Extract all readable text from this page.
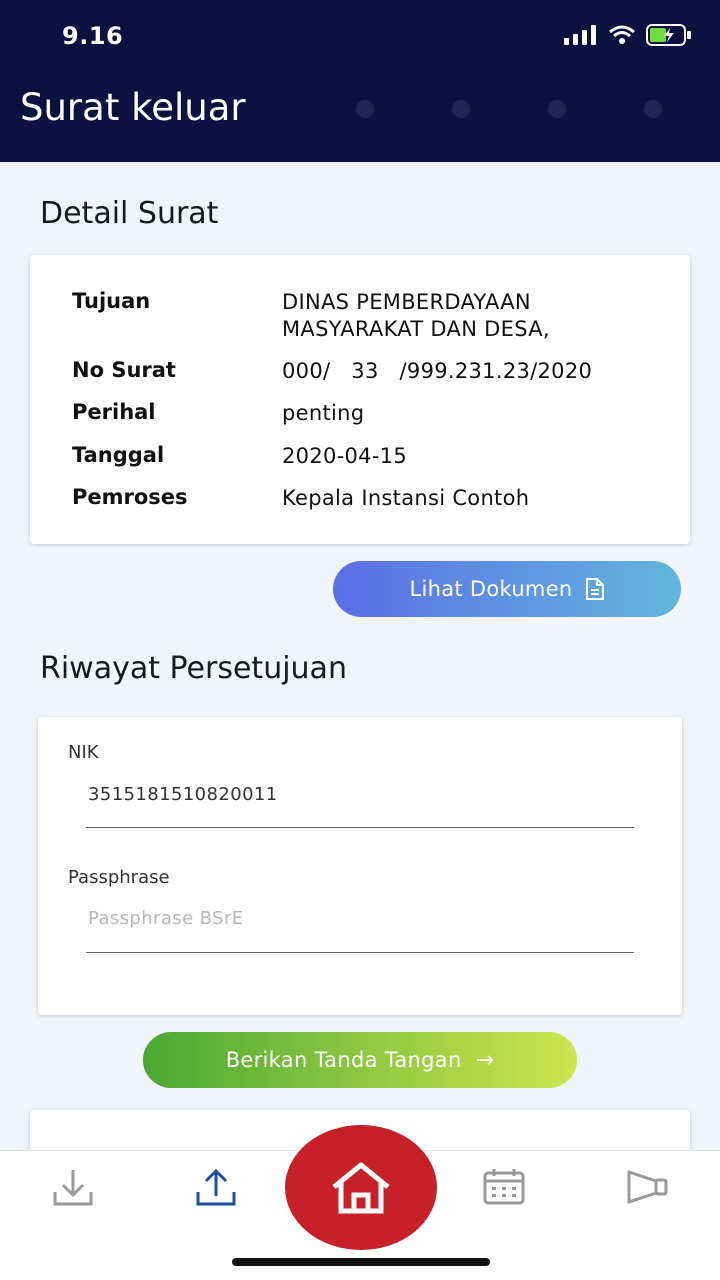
9.16
Surat keluar
Detail Surat
Tujuan	DINAS PEMBERDAYAAN
MASYARAKAT DAN DESA,
No Surat	000/   33   /999.231.23/2020
Perihal	penting
Tanggal	2020-04-15
Pemroses	Kepala Instansi Contoh
Lihat Dokumen
Riwayat Persetujuan
NIK
3515181510820011
Passphrase
Passphrase BSrE
Berikan Tanda Tangan →
